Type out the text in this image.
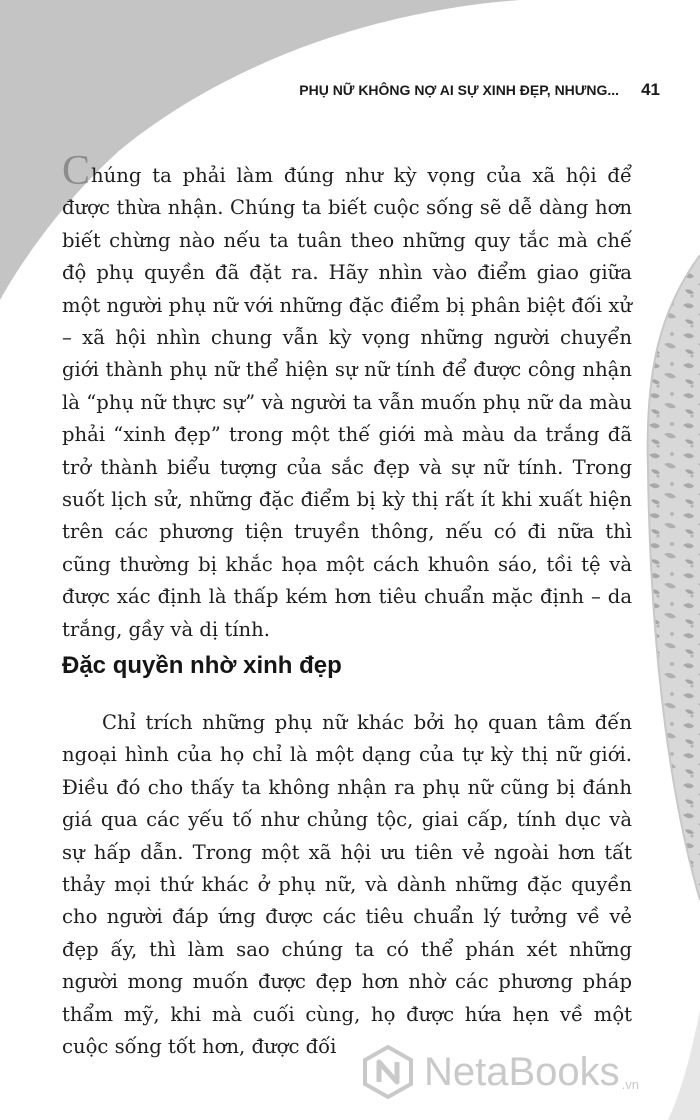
PHỤ NỮ KHÔNG NỢ AI SỰ XINH ĐẸP, NHƯNG... 41

Chúng ta phải làm đúng như kỳ vọng của xã hội để được thừa nhận. Chúng ta biết cuộc sống sẽ dễ dàng hơn biết chừng nào nếu ta tuân theo những quy tắc mà chế độ phụ quyền đã đặt ra. Hãy nhìn vào điểm giao giữa một người phụ nữ với những đặc điểm bị phân biệt đối xử – xã hội nhìn chung vẫn kỳ vọng những người chuyển giới thành phụ nữ thể hiện sự nữ tính để được công nhận là “phụ nữ thực sự” và người ta vẫn muốn phụ nữ da màu phải “xinh đẹp” trong một thế giới mà màu da trắng đã trở thành biểu tượng của sắc đẹp và sự nữ tính. Trong suốt lịch sử, những đặc điểm bị kỳ thị rất ít khi xuất hiện trên các phương tiện truyền thông, nếu có đi nữa thì cũng thường bị khắc họa một cách khuôn sáo, tồi tệ và được xác định là thấp kém hơn tiêu chuẩn mặc định – da trắng, gầy và dị tính.

Đặc quyền nhờ xinh đẹp

Chỉ trích những phụ nữ khác bởi họ quan tâm đến ngoại hình của họ chỉ là một dạng của tự kỳ thị nữ giới. Điều đó cho thấy ta không nhận ra phụ nữ cũng bị đánh giá qua các yếu tố như chủng tộc, giai cấp, tính dục và sự hấp dẫn. Trong một xã hội ưu tiên vẻ ngoài hơn tất thảy mọi thứ khác ở phụ nữ, và dành những đặc quyền cho người đáp ứng được các tiêu chuẩn lý tưởng về vẻ đẹp ấy, thì làm sao chúng ta có thể phán xét những người mong muốn được đẹp hơn nhờ các phương pháp thẩm mỹ, khi mà cuối cùng, họ được hứa hẹn về một cuộc sống tốt hơn, được đối

NetaBooks .vn
